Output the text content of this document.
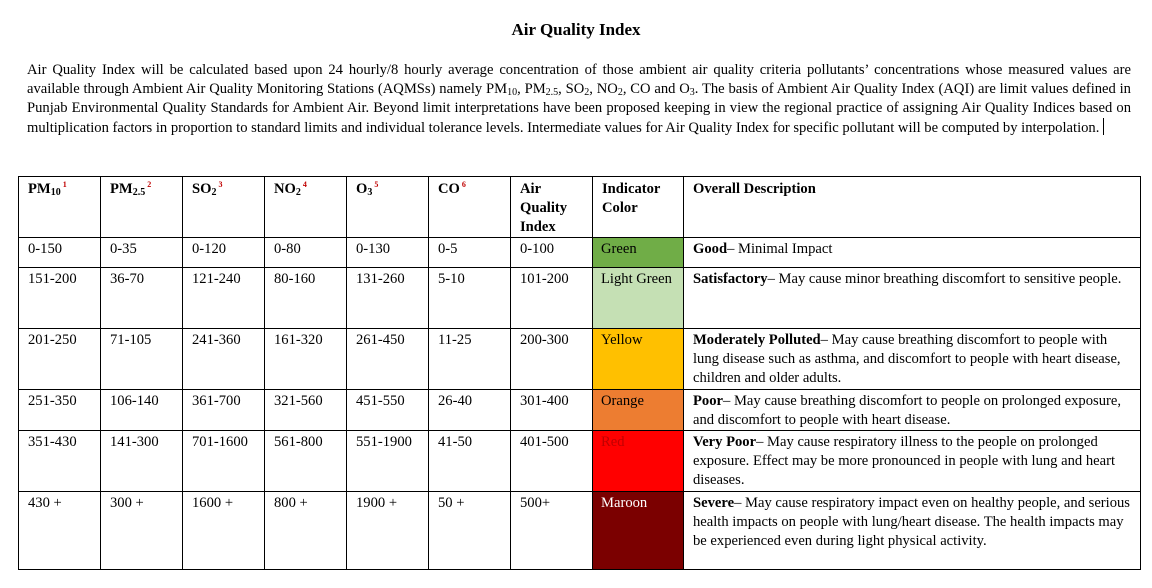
Air Quality Index
Air Quality Index will be calculated based upon 24 hourly/8 hourly average concentration of those ambient air quality criteria pollutants’ concentrations whose measured values are available through Ambient Air Quality Monitoring Stations (AQMSs) namely $PM_{10}$, $PM_{2.5}$, $SO_2$, $NO_2$, CO and $O_3$. The basis of Ambient Air Quality Index (AQI) are limit values defined in Punjab Environmental Quality Standards for Ambient Air. Beyond limit interpretations have been proposed keeping in view the regional practice of assigning Air Quality Indices based on multiplication factors in proportion to standard limits and individual tolerance levels. Intermediate values for Air Quality Index for specific pollutant will be computed by interpolation.
$PM_{10}^1$	$PM_{2.5}^2$	$SO_2^3$	$NO_2^4$	$O_3^5$	CO $^6$	Air Quality Index	Indicator Color	Overall Description
0-150	0-35	0-120	0-80	0-130	0-5	0-100	Green	Good– Minimal Impact
151-200	36-70	121-240	80-160	131-260	5-10	101-200	Light Green	Satisfactory– May cause minor breathing discomfort to sensitive people.
201-250	71-105	241-360	161-320	261-450	11-25	200-300	Yellow	Moderately Polluted– May cause breathing discomfort to people with lung disease such as asthma, and discomfort to people with heart disease, children and older adults.
251-350	106-140	361-700	321-560	451-550	26-40	301-400	Orange	Poor– May cause breathing discomfort to people on prolonged exposure, and discomfort to people with heart disease.
351-430	141-300	701-1600	561-800	551-1900	41-50	401-500	Red	Very Poor– May cause respiratory illness to the people on prolonged exposure. Effect may be more pronounced in people with lung and heart diseases.
430 +	300 +	1600 +	800 +	1900 +	50 +	500+	Maroon	Severe– May cause respiratory impact even on healthy people, and serious health impacts on people with lung/heart disease. The health impacts may be experienced even during light physical activity.
